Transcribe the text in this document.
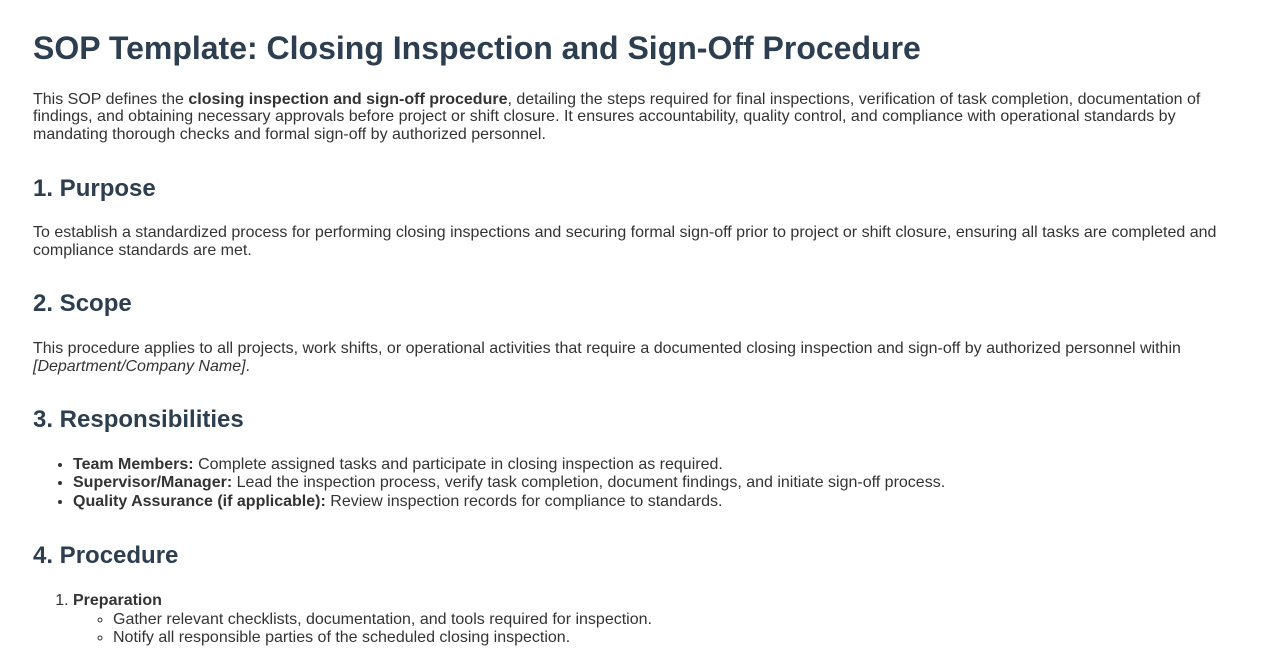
SOP Template: Closing Inspection and Sign-Off Procedure

This SOP defines the closing inspection and sign-off procedure, detailing the steps required for final inspections, verification of task completion, documentation of findings, and obtaining necessary approvals before project or shift closure. It ensures accountability, quality control, and compliance with operational standards by mandating thorough checks and formal sign-off by authorized personnel.

1. Purpose

To establish a standardized process for performing closing inspections and securing formal sign-off prior to project or shift closure, ensuring all tasks are completed and compliance standards are met.

2. Scope

This procedure applies to all projects, work shifts, or operational activities that require a documented closing inspection and sign-off by authorized personnel within [Department/Company Name].

3. Responsibilities
• Team Members: Complete assigned tasks and participate in closing inspection as required.
• Supervisor/Manager: Lead the inspection process, verify task completion, document findings, and initiate sign-off process.
• Quality Assurance (if applicable): Review inspection records for compliance to standards.
4. Procedure
1. Preparation
◦ Gather relevant checklists, documentation, and tools required for inspection.
◦ Notify all responsible parties of the scheduled closing inspection.
